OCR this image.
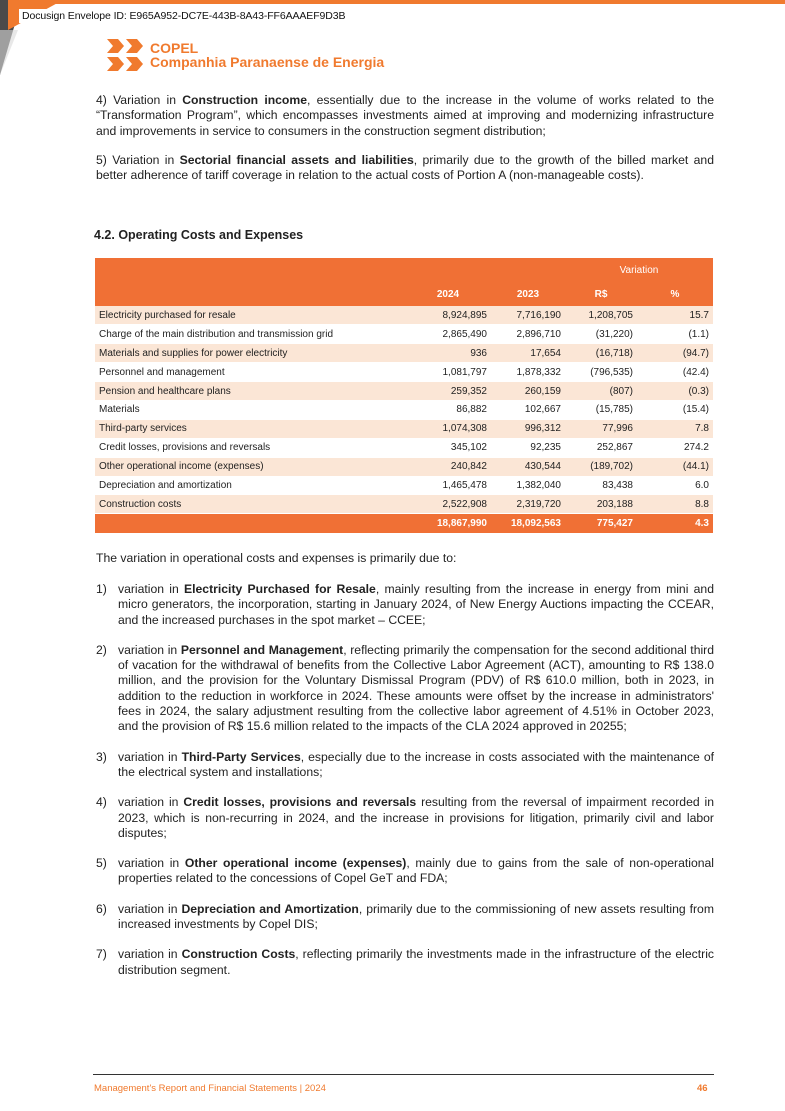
Docusign Envelope ID: E965A952-DC7E-443B-8A43-FF6AAAEF9D3B
COPEL
Companhia Paranaense de Energia

4) Variation in Construction income, essentially due to the increase in the volume of works related to the “Transformation Program”, which encompasses investments aimed at improving and modernizing infrastructure and improvements in service to consumers in the construction segment distribution;

5) Variation in Sectorial financial assets and liabilities, primarily due to the growth of the billed market and better adherence of tariff coverage in relation to the actual costs of Portion A (non-manageable costs).

4.2. Operating Costs and Expenses
			Variation	
	2024	2023	R$	%
Electricity purchased for resale	8,924,895	7,716,190	1,208,705	15.7
Charge of the main distribution and transmission grid	2,865,490	2,896,710	(31,220)	(1.1)
Materials and supplies for power electricity	936	17,654	(16,718)	(94.7)
Personnel and management	1,081,797	1,878,332	(796,535)	(42.4)
Pension and healthcare plans	259,352	260,159	(807)	(0.3)
Materials	86,882	102,667	(15,785)	(15.4)
Third-party services	1,074,308	996,312	77,996	7.8
Credit losses, provisions and reversals	345,102	92,235	252,867	274.2
Other operational income (expenses)	240,842	430,544	(189,702)	(44.1)
Depreciation and amortization	1,465,478	1,382,040	83,438	6.0
Construction costs	2,522,908	2,319,720	203,188	8.8
	18,867,990	18,092,563	775,427	4.3

The variation in operational costs and expenses is primarily due to:

1) variation in Electricity Purchased for Resale, mainly resulting from the increase in energy from mini and micro generators, the incorporation, starting in January 2024, of New Energy Auctions impacting the CCEAR, and the increased purchases in the spot market – CCEE;
2) variation in Personnel and Management, reflecting primarily the compensation for the second additional third of vacation for the withdrawal of benefits from the Collective Labor Agreement (ACT), amounting to R$ 138.0 million, and the provision for the Voluntary Dismissal Program (PDV) of R$ 610.0 million, both in 2023, in addition to the reduction in workforce in 2024. These amounts were offset by the increase in administrators' fees in 2024, the salary adjustment resulting from the collective labor agreement of 4.51% in October 2023, and the provision of R$ 15.6 million related to the impacts of the CLA 2024 approved in 20255;
3) variation in Third-Party Services, especially due to the increase in costs associated with the maintenance of the electrical system and installations;
4) variation in Credit losses, provisions and reversals resulting from the reversal of impairment recorded in 2023, which is non-recurring in 2024, and the increase in provisions for litigation, primarily civil and labor disputes;
5) variation in Other operational income (expenses), mainly due to gains from the sale of non-operational properties related to the concessions of Copel GeT and FDA;
6) variation in Depreciation and Amortization, primarily due to the commissioning of new assets resulting from increased investments by Copel DIS;
7) variation in Construction Costs, reflecting primarily the investments made in the infrastructure of the electric distribution segment.
Management's Report and Financial Statements | 2024	46
